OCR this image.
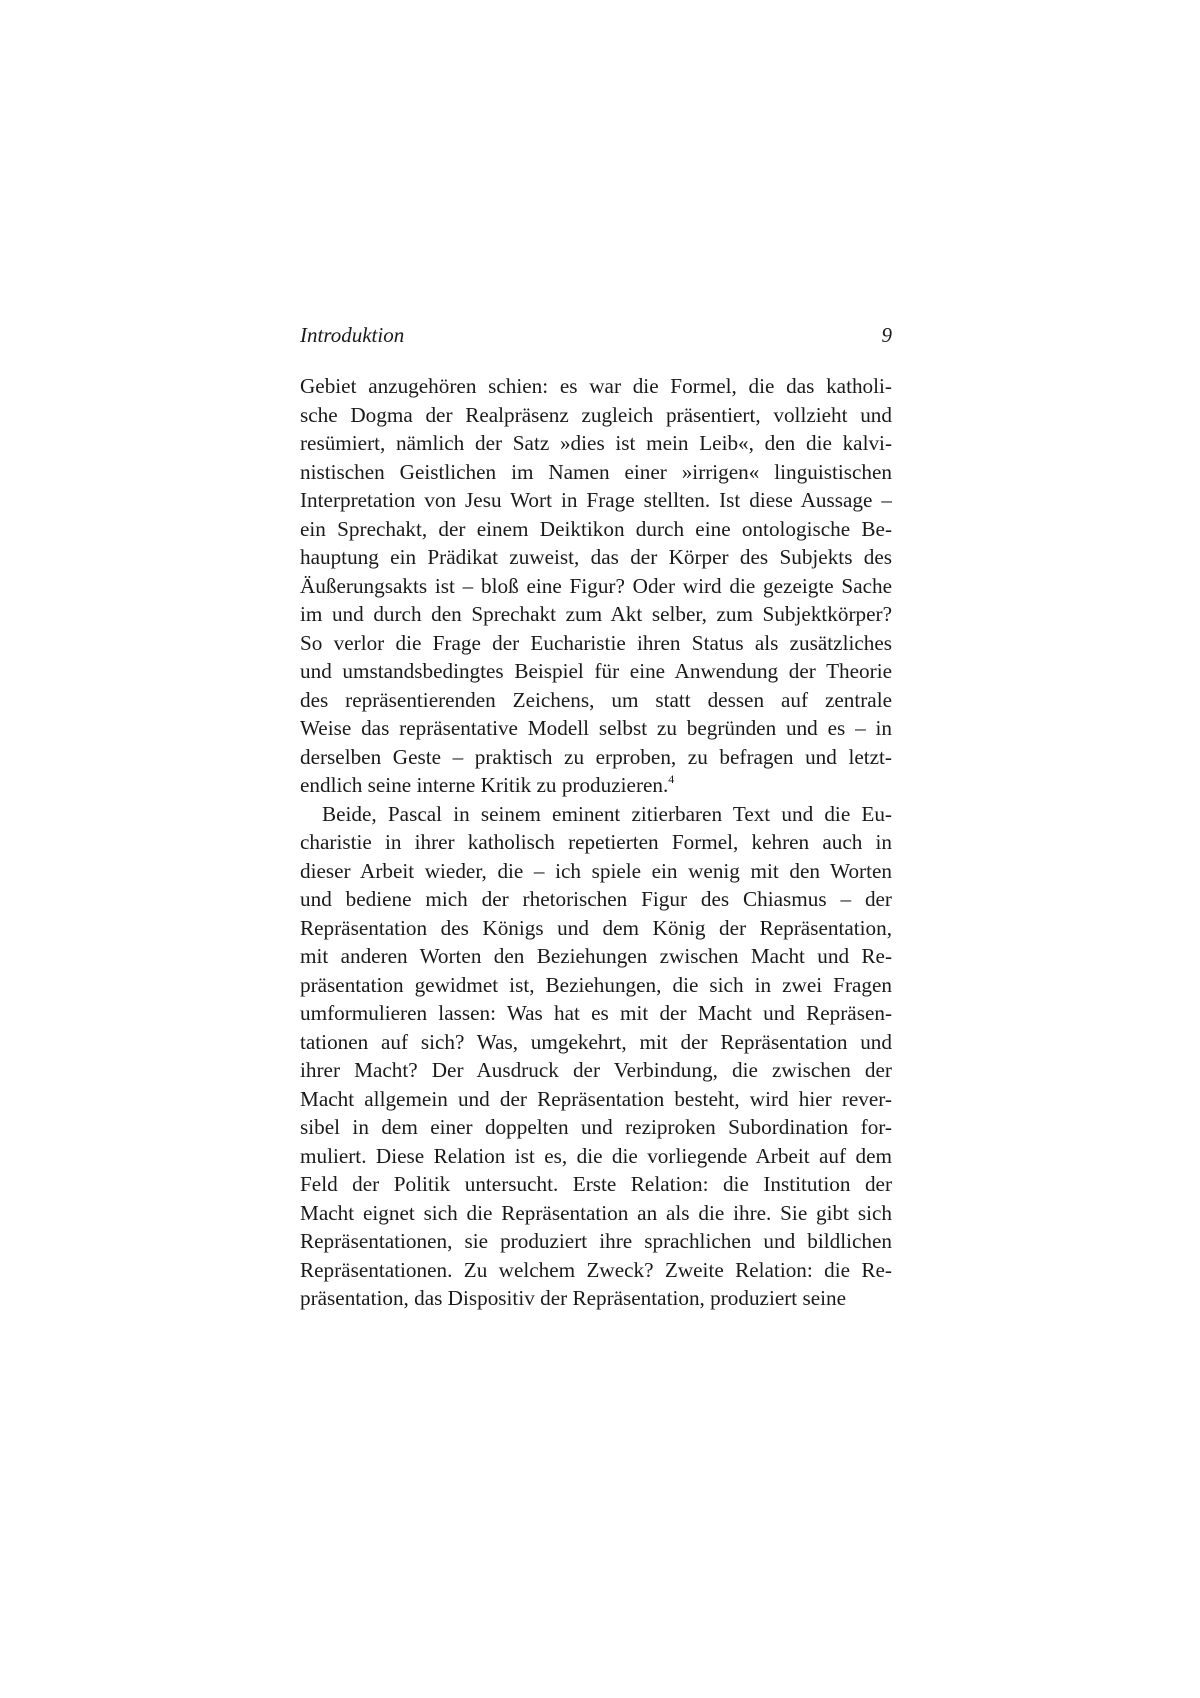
Introduktion	9
Gebiet anzugehören schien: es war die Formel, die das katholi-
sche Dogma der Realpräsenz zugleich präsentiert, vollzieht und
resümiert, nämlich der Satz »dies ist mein Leib«, den die kalvi-
nistischen Geistlichen im Namen einer »irrigen« linguistischen
Interpretation von Jesu Wort in Frage stellten. Ist diese Aussage –
ein Sprechakt, der einem Deiktikon durch eine ontologische Be-
hauptung ein Prädikat zuweist, das der Körper des Subjekts des
Äußerungsakts ist – bloß eine Figur? Oder wird die gezeigte Sache
im und durch den Sprechakt zum Akt selber, zum Subjektkörper?
So verlor die Frage der Eucharistie ihren Status als zusätzliches
und umstandsbedingtes Beispiel für eine Anwendung der Theorie
des repräsentierenden Zeichens, um statt dessen auf zentrale
Weise das repräsentative Modell selbst zu begründen und es – in
derselben Geste – praktisch zu erproben, zu befragen und letzt-
endlich seine interne Kritik zu produzieren.$^4$
Beide, Pascal in seinem eminent zitierbaren Text und die Eu-
charistie in ihrer katholisch repetierten Formel, kehren auch in
dieser Arbeit wieder, die – ich spiele ein wenig mit den Worten
und bediene mich der rhetorischen Figur des Chiasmus – der
Repräsentation des Königs und dem König der Repräsentation,
mit anderen Worten den Beziehungen zwischen Macht und Re-
präsentation gewidmet ist, Beziehungen, die sich in zwei Fragen
umformulieren lassen: Was hat es mit der Macht und Repräsen-
tationen auf sich? Was, umgekehrt, mit der Repräsentation und
ihrer Macht? Der Ausdruck der Verbindung, die zwischen der
Macht allgemein und der Repräsentation besteht, wird hier rever-
sibel in dem einer doppelten und reziproken Subordination for-
muliert. Diese Relation ist es, die die vorliegende Arbeit auf dem
Feld der Politik untersucht. Erste Relation: die Institution der
Macht eignet sich die Repräsentation an als die ihre. Sie gibt sich
Repräsentationen, sie produziert ihre sprachlichen und bildlichen
Repräsentationen. Zu welchem Zweck? Zweite Relation: die Re-
präsentation, das Dispositiv der Repräsentation, produziert seine
